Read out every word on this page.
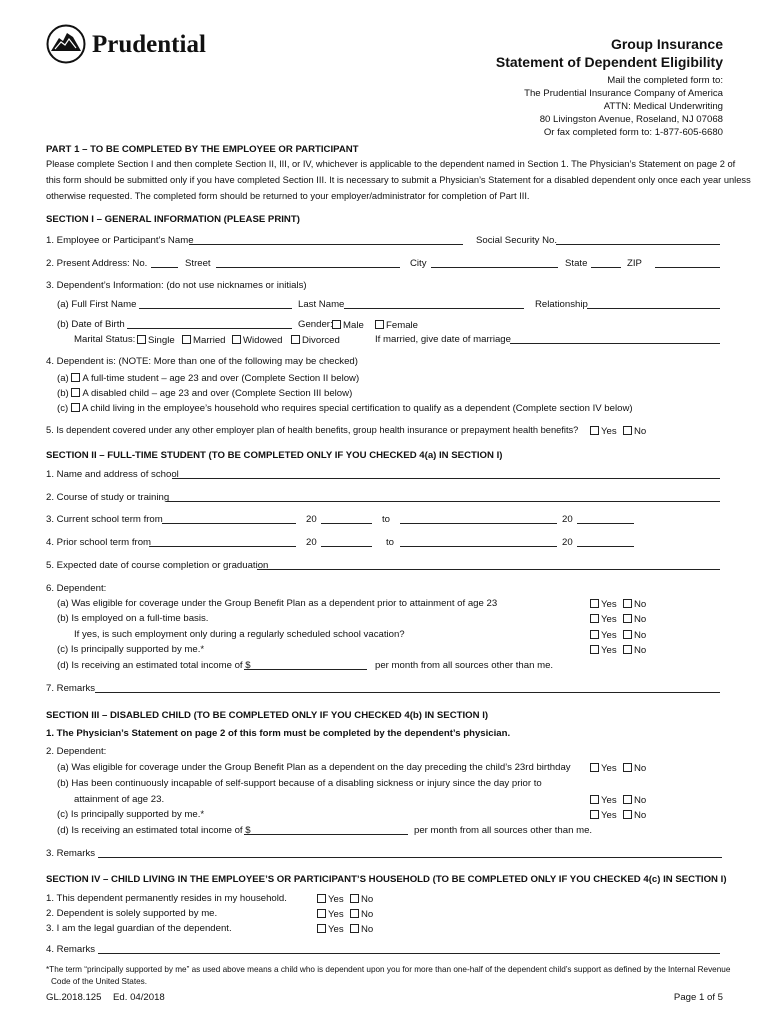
Prudential	Group Insurance
Statement of Dependent Eligibility
Mail the completed form to:
The Prudential Insurance Company of America
ATTN: Medical Underwriting
80 Livingston Avenue, Roseland, NJ 07068
Or fax completed form to: 1-877-605-6680
PART 1 – TO BE COMPLETED BY THE EMPLOYEE OR PARTICIPANT
Please complete Section I and then complete Section II, III, or IV, whichever is applicable to the dependent named in Section 1. The Physician’s Statement on page 2 of
this form should be submitted only if you have completed Section III. It is necessary to submit a Physician’s Statement for a disabled dependent only once each year unless
otherwise requested. The completed form should be returned to your employer/administrator for completion of Part III.
SECTION I – GENERAL INFORMATION (PLEASE PRINT)
1. Employee or Participant’s Name	Social Security No.
2. Present Address: No.	Street	City	State	ZIP
3. Dependent’s Information: (do not use nicknames or initials)
(a) Full First Name	Last Name	Relationship
(b) Date of Birth	Gender:	Male	Female
Marital Status:	Single	Married	Widowed	Divorced	If married, give date of marriage
4. Dependent is: (NOTE: More than one of the following may be checked)
(a) A full-time student – age 23 and over (Complete Section II below)
(b) A disabled child – age 23 and over (Complete Section III below)
(c) A child living in the employee’s household who requires special certification to qualify as a dependent (Complete section IV below)
5. Is dependent covered under any other employer plan of health benefits, group health insurance or prepayment health benefits?	Yes	No
SECTION II – FULL-TIME STUDENT (TO BE COMPLETED ONLY IF YOU CHECKED 4(a) IN SECTION I)
1. Name and address of school
2. Course of study or training
3. Current school term from	20	to	20
4. Prior school term from	20	to	20
5. Expected date of course completion or graduation
6. Dependent:
(a) Was eligible for coverage under the Group Benefit Plan as a dependent prior to attainment of age 23	Yes	No
(b) Is employed on a full-time basis.	Yes	No
If yes, is such employment only during a regularly scheduled school vacation?	Yes	No
(c) Is principally supported by me.*	Yes	No
(d) Is receiving an estimated total income of $	per month from all sources other than me.
7. Remarks
SECTION III – DISABLED CHILD (TO BE COMPLETED ONLY IF YOU CHECKED 4(b) IN SECTION I)
1. The Physician’s Statement on page 2 of this form must be completed by the dependent’s physician.
2. Dependent:
(a) Was eligible for coverage under the Group Benefit Plan as a dependent on the day preceding the child’s 23rd birthday	Yes	No
(b) Has been continuously incapable of self-support because of a disabling sickness or injury since the day prior to
attainment of age 23.	Yes	No
(c) Is principally supported by me.*	Yes	No
(d) Is receiving an estimated total income of $	per month from all sources other than me.
3. Remarks
SECTION IV – CHILD LIVING IN THE EMPLOYEE’S OR PARTICIPANT’S HOUSEHOLD (TO BE COMPLETED ONLY IF YOU CHECKED 4(c) IN SECTION I)
1. This dependent permanently resides in my household.	Yes	No
2. Dependent is solely supported by me.	Yes	No
3. I am the legal guardian of the dependent.	Yes	No
4. Remarks
*The term “principally supported by me” as used above means a child who is dependent upon you for more than one-half of the dependent child’s support as defined by the Internal Revenue
Code of the United States.
GL.2018.125 Ed. 04/2018	Page 1 of 5
